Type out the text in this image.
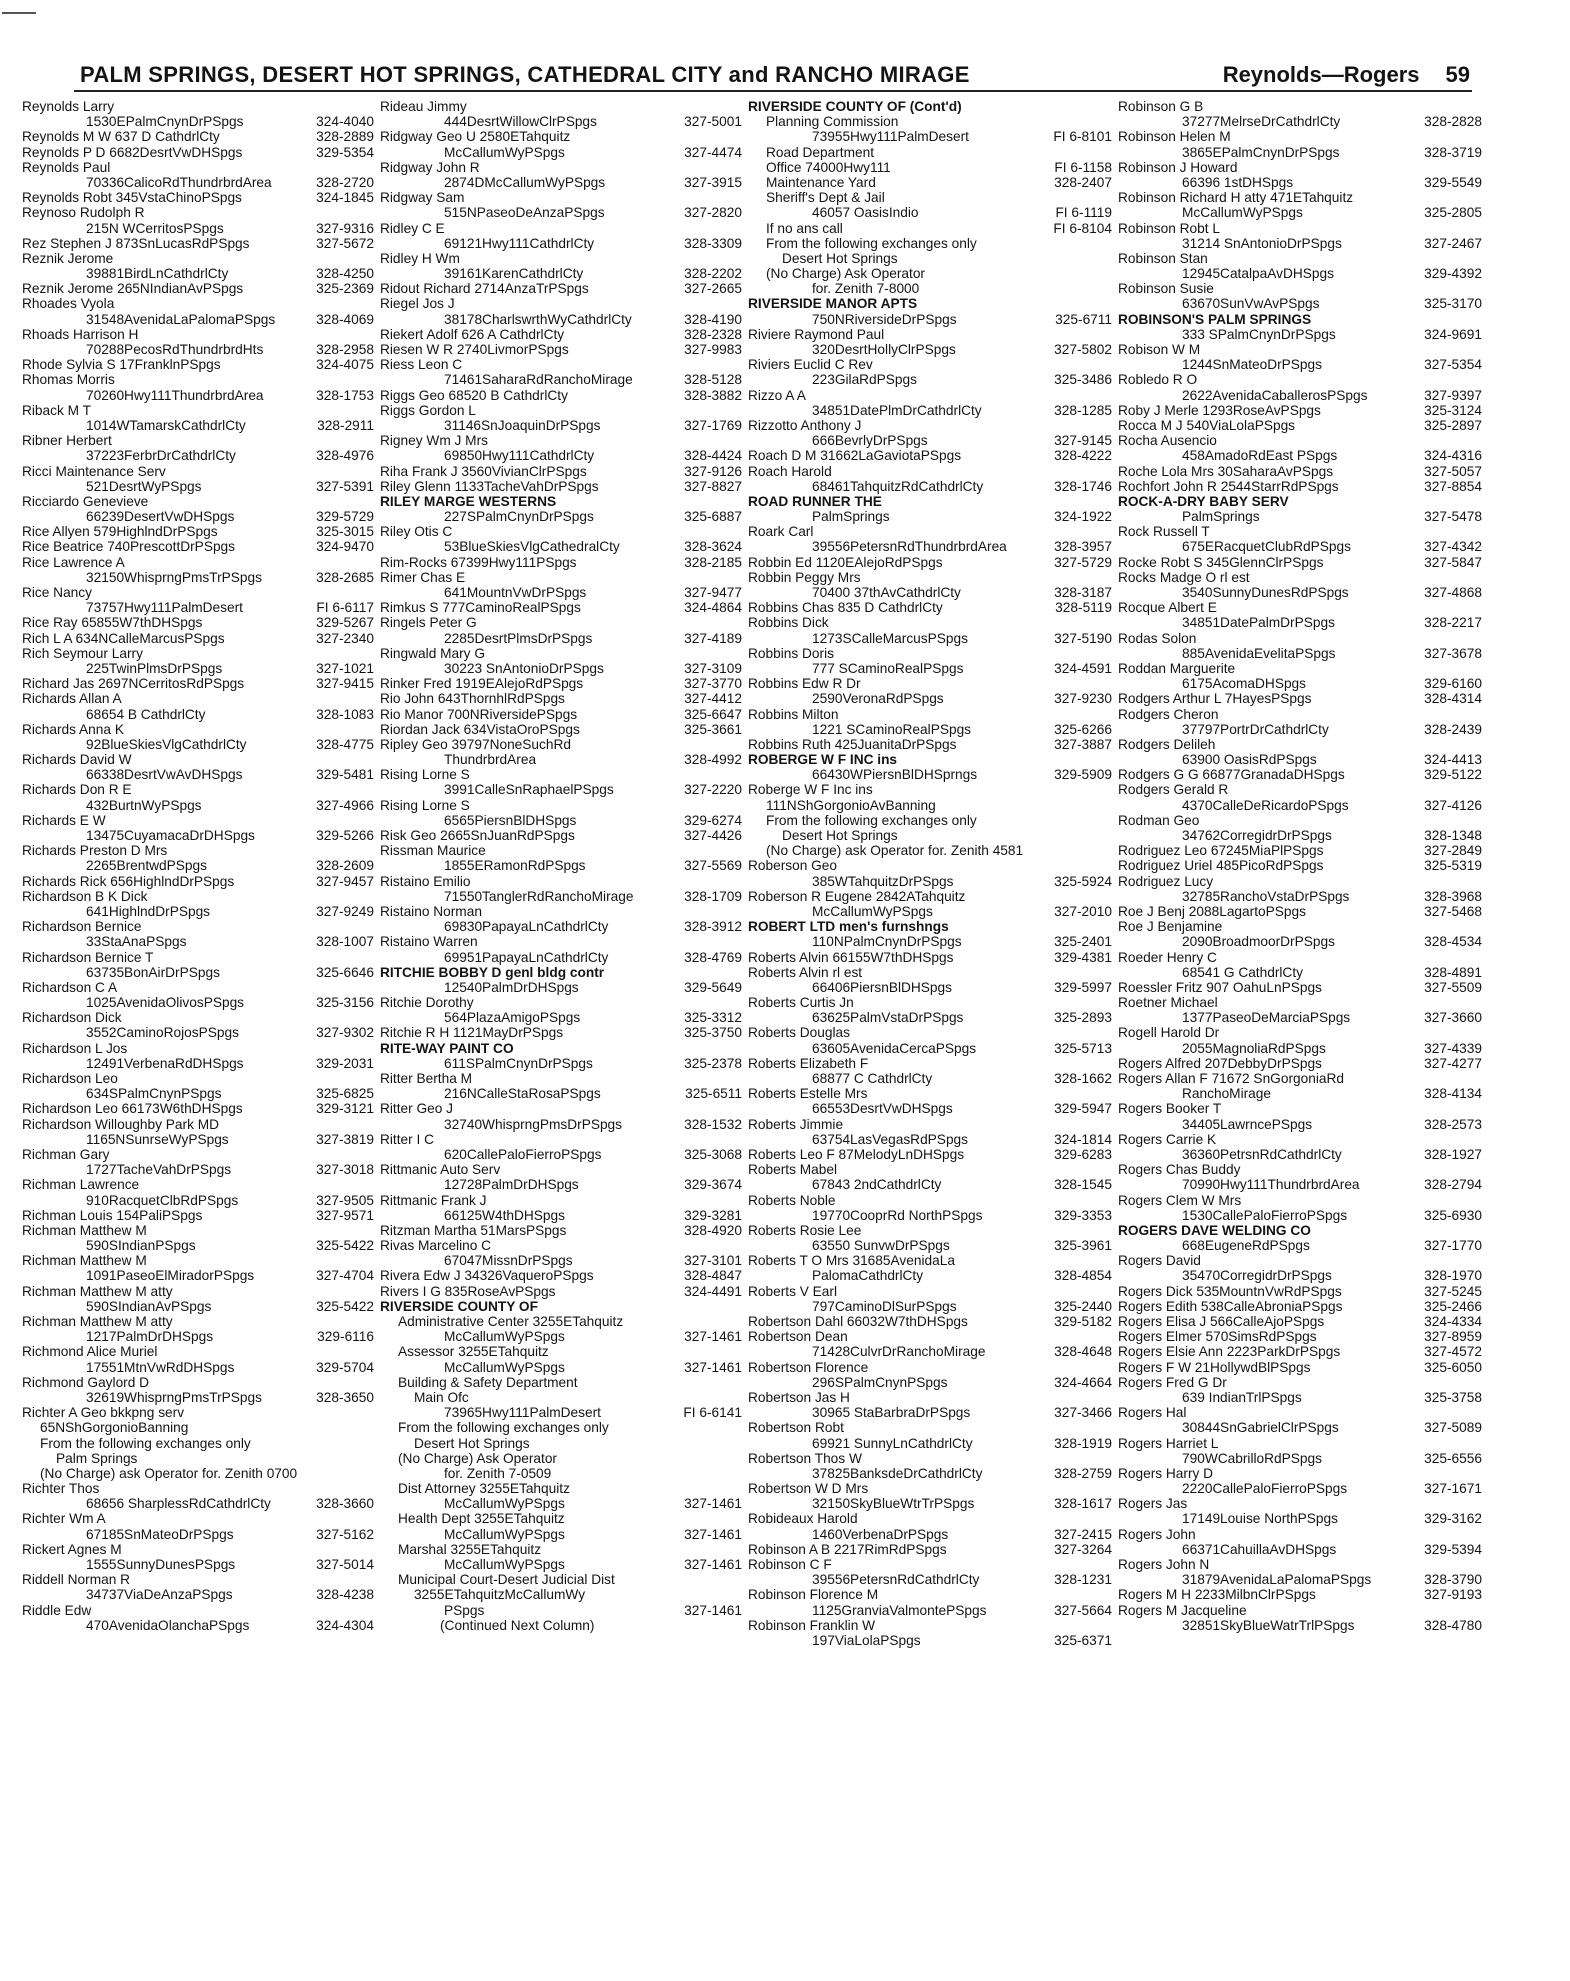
PALM SPRINGS, DESERT HOT SPRINGS, CATHEDRAL CITY and RANCHO MIRAGE	Reynolds—Rogers 59
Reynolds Larry
324-4040
1530EPalmCnynDrPSpgs
328-2889
Reynolds M W 637 D CathdrlCty
329-5354
Reynolds P D 6682DesrtVwDHSpgs
Reynolds Paul
328-2720
70336CalicoRdThundrbrdArea
324-1845
Reynolds Robt 345VstaChinoPSpgs
Reynoso Rudolph R
327-9316
215N WCerritosPSpgs
327-5672
Rez Stephen J 873SnLucasRdPSpgs
Reznik Jerome
328-4250
39881BirdLnCathdrlCty
325-2369
Reznik Jerome 265NIndianAvPSpgs
Rhoades Vyola
328-4069
31548AvenidaLaPalomaPSpgs
Rhoads Harrison H
328-2958
70288PecosRdThundrbrdHts
324-4075
Rhode Sylvia S 17FranklnPSpgs
Rhomas Morris
328-1753
70260Hwy111ThundrbrdArea
Riback M T
328-2911
1014WTamarskCathdrlCty
Ribner Herbert
328-4976
37223FerbrDrCathdrlCty
Ricci Maintenance Serv
327-5391
521DesrtWyPSpgs
Ricciardo Genevieve
329-5729
66239DesertVwDHSpgs
325-3015
Rice Allyen 579HighlndDrPSpgs
324-9470
Rice Beatrice 740PrescottDrPSpgs
Rice Lawrence A
328-2685
32150WhisprngPmsTrPSpgs
Rice Nancy
FI 6-6117
73757Hwy111PalmDesert
329-5267
Rice Ray 65855W7thDHSpgs
327-2340
Rich L A 634NCalleMarcusPSpgs
Rich Seymour Larry
327-1021
225TwinPlmsDrPSpgs
327-9415
Richard Jas 2697NCerritosRdPSpgs
Richards Allan A
328-1083
68654 B CathdrlCty
Richards Anna K
328-4775
92BlueSkiesVlgCathdrlCty
Richards David W
329-5481
66338DesrtVwAvDHSpgs
Richards Don R E
327-4966
432BurtnWyPSpgs
Richards E W
329-5266
13475CuyamacaDrDHSpgs
Richards Preston D Mrs
328-2609
2265BrentwdPSpgs
327-9457
Richards Rick 656HighlndDrPSpgs
Richardson B K Dick
327-9249
641HighlndDrPSpgs
Richardson Bernice
328-1007
33StaAnaPSpgs
Richardson Bernice T
325-6646
63735BonAirDrPSpgs
Richardson C A
325-3156
1025AvenidaOlivosPSpgs
Richardson Dick
327-9302
3552CaminoRojosPSpgs
Richardson L Jos
329-2031
12491VerbenaRdDHSpgs
Richardson Leo
325-6825
634SPalmCnynPSpgs
329-3121
Richardson Leo 66173W6thDHSpgs
Richardson Willoughby Park MD
327-3819
1165NSunrseWyPSpgs
Richman Gary
327-3018
1727TacheVahDrPSpgs
Richman Lawrence
327-9505
910RacquetClbRdPSpgs
327-9571
Richman Louis 154PaliPSpgs
Richman Matthew M
325-5422
590SIndianPSpgs
Richman Matthew M
327-4704
1091PaseoElMiradorPSpgs
Richman Matthew M atty
325-5422
590SIndianAvPSpgs
Richman Matthew M atty
329-6116
1217PalmDrDHSpgs
Richmond Alice Muriel
329-5704
17551MtnVwRdDHSpgs
Richmond Gaylord D
328-3650
32619WhisprngPmsTrPSpgs
Richter A Geo bkkpng serv
65NShGorgonioBanning
From the following exchanges only
Palm Springs
(No Charge) ask Operator for. Zenith 0700
Richter Thos
328-3660
68656 SharplessRdCathdrlCty
Richter Wm A
327-5162
67185SnMateoDrPSpgs
Rickert Agnes M
327-5014
1555SunnyDunesPSpgs
Riddell Norman R
328-4238
34737ViaDeAnzaPSpgs
Riddle Edw
324-4304
470AvenidaOlanchaPSpgs
Rideau Jimmy
327-5001
444DesrtWillowClrPSpgs
Ridgway Geo U 2580ETahquitz
327-4474
McCallumWyPSpgs
Ridgway John R
327-3915
2874DMcCallumWyPSpgs
Ridgway Sam
327-2820
515NPaseoDeAnzaPSpgs
Ridley C E
328-3309
69121Hwy111CathdrlCty
Ridley H Wm
328-2202
39161KarenCathdrlCty
327-2665
Ridout Richard 2714AnzaTrPSpgs
Riegel Jos J
328-4190
38178CharlswrthWyCathdrlCty
328-2328
Riekert Adolf 626 A CathdrlCty
327-9983
Riesen W R 2740LivmorPSpgs
Riess Leon C
328-5128
71461SaharaRdRanchoMirage
328-3882
Riggs Geo 68520 B CathdrlCty
Riggs Gordon L
327-1769
31146SnJoaquinDrPSpgs
Rigney Wm J Mrs
328-4424
69850Hwy111CathdrlCty
327-9126
Riha Frank J 3560VivianClrPSpgs
327-8827
Riley Glenn 1133TacheVahDrPSpgs
RILEY MARGE WESTERNS
325-6887
227SPalmCnynDrPSpgs
Riley Otis C
328-3624
53BlueSkiesVlgCathedralCty
328-2185
Rim-Rocks 67399Hwy111PSpgs
Rimer Chas E
327-9477
641MountnVwDrPSpgs
324-4864
Rimkus S 777CaminoRealPSpgs
Ringels Peter G
327-4189
2285DesrtPlmsDrPSpgs
Ringwald Mary G
327-3109
30223 SnAntonioDrPSpgs
327-3770
Rinker Fred 1919EAlejoRdPSpgs
327-4412
Rio John 643ThornhlRdPSpgs
325-6647
Rio Manor 700NRiversidePSpgs
325-3661
Riordan Jack 634VistaOroPSpgs
Ripley Geo 39797NoneSuchRd
328-4992
ThundrbrdArea
Rising Lorne S
327-2220
3991CalleSnRaphaelPSpgs
Rising Lorne S
329-6274
6565PiersnBlDHSpgs
327-4426
Risk Geo 2665SnJuanRdPSpgs
Rissman Maurice
327-5569
1855ERamonRdPSpgs
Ristaino Emilio
328-1709
71550TanglerRdRanchoMirage
Ristaino Norman
328-3912
69830PapayaLnCathdrlCty
Ristaino Warren
328-4769
69951PapayaLnCathdrlCty
RITCHIE BOBBY D genl bldg contr
329-5649
12540PalmDrDHSpgs
Ritchie Dorothy
325-3312
564PlazaAmigoPSpgs
325-3750
Ritchie R H 1121MayDrPSpgs
RITE-WAY PAINT CO
325-2378
611SPalmCnynDrPSpgs
Ritter Bertha M
325-6511
216NCalleStaRosaPSpgs
Ritter Geo J
328-1532
32740WhisprngPmsDrPSpgs
Ritter I C
325-3068
620CallePaloFierroPSpgs
Rittmanic Auto Serv
329-3674
12728PalmDrDHSpgs
Rittmanic Frank J
329-3281
66125W4thDHSpgs
328-4920
Ritzman Martha 51MarsPSpgs
Rivas Marcelino C
327-3101
67047MissnDrPSpgs
328-4847
Rivera Edw J 34326VaqueroPSpgs
324-4491
Rivers I G 835RoseAvPSpgs
RIVERSIDE COUNTY OF
Administrative Center 3255ETahquitz
327-1461
McCallumWyPSpgs
Assessor 3255ETahquitz
327-1461
McCallumWyPSpgs
Building & Safety Department
Main Ofc
FI 6-6141
73965Hwy111PalmDesert
From the following exchanges only
Desert Hot Springs
(No Charge) Ask Operator
for. Zenith 7-0509
Dist Attorney 3255ETahquitz
327-1461
McCallumWyPSpgs
Health Dept 3255ETahquitz
327-1461
McCallumWyPSpgs
Marshal 3255ETahquitz
327-1461
McCallumWyPSpgs
Municipal Court-Desert Judicial Dist
3255ETahquitzMcCallumWy
327-1461
PSpgs
(Continued Next Column)
RIVERSIDE COUNTY OF (Cont'd)
Planning Commission
FI 6-8101
73955Hwy111PalmDesert
Road Department
FI 6-1158
Office 74000Hwy111
328-2407
Maintenance Yard
Sheriff's Dept & Jail
FI 6-1119
46057 OasisIndio
FI 6-8104
If no ans call
From the following exchanges only
Desert Hot Springs
(No Charge) Ask Operator
for. Zenith 7-8000
RIVERSIDE MANOR APTS
325-6711
750NRiversideDrPSpgs
Riviere Raymond Paul
327-5802
320DesrtHollyClrPSpgs
Riviers Euclid C Rev
325-3486
223GilaRdPSpgs
Rizzo A A
328-1285
34851DatePlmDrCathdrlCty
Rizzotto Anthony J
327-9145
666BevrlyDrPSpgs
328-4222
Roach D M 31662LaGaviotaPSpgs
Roach Harold
328-1746
68461TahquitzRdCathdrlCty
ROAD RUNNER THE
324-1922
PalmSprings
Roark Carl
328-3957
39556PetersnRdThundrbrdArea
327-5729
Robbin Ed 1120EAlejoRdPSpgs
Robbin Peggy Mrs
328-3187
70400 37thAvCathdrlCty
328-5119
Robbins Chas 835 D CathdrlCty
Robbins Dick
327-5190
1273SCalleMarcusPSpgs
Robbins Doris
324-4591
777 SCaminoRealPSpgs
Robbins Edw R Dr
327-9230
2590VeronaRdPSpgs
Robbins Milton
325-6266
1221 SCaminoRealPSpgs
327-3887
Robbins Ruth 425JuanitaDrPSpgs
ROBERGE W F INC ins
329-5909
66430WPiersnBlDHSprngs
Roberge W F Inc ins
111NShGorgonioAvBanning
From the following exchanges only
Desert Hot Springs
(No Charge) ask Operator for. Zenith 4581
Roberson Geo
325-5924
385WTahquitzDrPSpgs
Roberson R Eugene 2842ATahquitz
327-2010
McCallumWyPSpgs
ROBERT LTD men's furnshngs
325-2401
110NPalmCnynDrPSpgs
329-4381
Roberts Alvin 66155W7thDHSpgs
Roberts Alvin rl est
329-5997
66406PiersnBlDHSpgs
Roberts Curtis Jn
325-2893
63625PalmVstaDrPSpgs
Roberts Douglas
325-5713
63605AvenidaCercaPSpgs
Roberts Elizabeth F
328-1662
68877 C CathdrlCty
Roberts Estelle Mrs
329-5947
66553DesrtVwDHSpgs
Roberts Jimmie
324-1814
63754LasVegasRdPSpgs
329-6283
Roberts Leo F 87MelodyLnDHSpgs
Roberts Mabel
328-1545
67843 2ndCathdrlCty
Roberts Noble
329-3353
19770CooprRd NorthPSpgs
Roberts Rosie Lee
325-3961
63550 SunvwDrPSpgs
Roberts T O Mrs 31685AvenidaLa
328-4854
PalomaCathdrlCty
Roberts V Earl
325-2440
797CaminoDlSurPSpgs
329-5182
Robertson Dahl 66032W7thDHSpgs
Robertson Dean
328-4648
71428CulvrDrRanchoMirage
Robertson Florence
324-4664
296SPalmCnynPSpgs
Robertson Jas H
327-3466
30965 StaBarbraDrPSpgs
Robertson Robt
328-1919
69921 SunnyLnCathdrlCty
Robertson Thos W
328-2759
37825BanksdeDrCathdrlCty
Robertson W D Mrs
328-1617
32150SkyBlueWtrTrPSpgs
Robideaux Harold
327-2415
1460VerbenaDrPSpgs
327-3264
Robinson A B 2217RimRdPSpgs
Robinson C F
328-1231
39556PetersnRdCathdrlCty
Robinson Florence M
327-5664
1125GranviaValmontePSpgs
Robinson Franklin W
325-6371
197ViaLolaPSpgs
Robinson G B
328-2828
37277MelrseDrCathdrlCty
Robinson Helen M
328-3719
3865EPalmCnynDrPSpgs
Robinson J Howard
329-5549
66396 1stDHSpgs
Robinson Richard H atty 471ETahquitz
325-2805
McCallumWyPSpgs
Robinson Robt L
327-2467
31214 SnAntonioDrPSpgs
Robinson Stan
329-4392
12945CatalpaAvDHSpgs
Robinson Susie
325-3170
63670SunVwAvPSpgs
ROBINSON'S PALM SPRINGS
324-9691
333 SPalmCnynDrPSpgs
Robison W M
327-5354
1244SnMateoDrPSpgs
Robledo R O
327-9397
2622AvenidaCaballerosPSpgs
325-3124
Roby J Merle 1293RoseAvPSpgs
325-2897
Rocca M J 540ViaLolaPSpgs
Rocha Ausencio
324-4316
458AmadoRdEast PSpgs
327-5057
Roche Lola Mrs 30SaharaAvPSpgs
327-8854
Rochfort John R 2544StarrRdPSpgs
ROCK-A-DRY BABY SERV
327-5478
PalmSprings
Rock Russell T
327-4342
675ERacquetClubRdPSpgs
327-5847
Rocke Robt S 345GlennClrPSpgs
Rocks Madge O rl est
327-4868
3540SunnyDunesRdPSpgs
Rocque Albert E
328-2217
34851DatePalmDrPSpgs
Rodas Solon
327-3678
885AvenidaEvelitaPSpgs
Roddan Marguerite
329-6160
6175AcomaDHSpgs
328-4314
Rodgers Arthur L 7HayesPSpgs
Rodgers Cheron
328-2439
37797PortrDrCathdrlCty
Rodgers Delileh
324-4413
63900 OasisRdPSpgs
329-5122
Rodgers G G 66877GranadaDHSpgs
Rodgers Gerald R
327-4126
4370CalleDeRicardoPSpgs
Rodman Geo
328-1348
34762CorregidrDrPSpgs
327-2849
Rodriguez Leo 67245MiaPlPSpgs
325-5319
Rodriguez Uriel 485PicoRdPSpgs
Rodriguez Lucy
328-3968
32785RanchoVstaDrPSpgs
327-5468
Roe J Benj 2088LagartoPSpgs
Roe J Benjamine
328-4534
2090BroadmoorDrPSpgs
Roeder Henry C
328-4891
68541 G CathdrlCty
327-5509
Roessler Fritz 907 OahuLnPSpgs
Roetner Michael
327-3660
1377PaseoDeMarciaPSpgs
Rogell Harold Dr
327-4339
2055MagnoliaRdPSpgs
327-4277
Rogers Alfred 207DebbyDrPSpgs
Rogers Allan F 71672 SnGorgoniaRd
328-4134
RanchoMirage
Rogers Booker T
328-2573
34405LawrncePSpgs
Rogers Carrie K
328-1927
36360PetrsnRdCathdrlCty
Rogers Chas Buddy
328-2794
70990Hwy111ThundrbrdArea
Rogers Clem W Mrs
325-6930
1530CallePaloFierroPSpgs
ROGERS DAVE WELDING CO
327-1770
668EugeneRdPSpgs
Rogers David
328-1970
35470CorregidrDrPSpgs
327-5245
Rogers Dick 535MountnVwRdPSpgs
325-2466
Rogers Edith 538CalleAbroniaPSpgs
324-4334
Rogers Elisa J 566CalleAjoPSpgs
327-8959
Rogers Elmer 570SimsRdPSpgs
327-4572
Rogers Elsie Ann 2223ParkDrPSpgs
325-6050
Rogers F W 21HollywdBlPSpgs
Rogers Fred G Dr
325-3758
639 IndianTrlPSpgs
Rogers Hal
327-5089
30844SnGabrielClrPSpgs
Rogers Harriet L
325-6556
790WCabrilloRdPSpgs
Rogers Harry D
327-1671
2220CallePaloFierroPSpgs
Rogers Jas
329-3162
17149Louise NorthPSpgs
Rogers John
329-5394
66371CahuillaAvDHSpgs
Rogers John N
328-3790
31879AvenidaLaPalomaPSpgs
327-9193
Rogers M H 2233MilbnClrPSpgs
Rogers M Jacqueline
328-4780
32851SkyBlueWatrTrlPSpgs
